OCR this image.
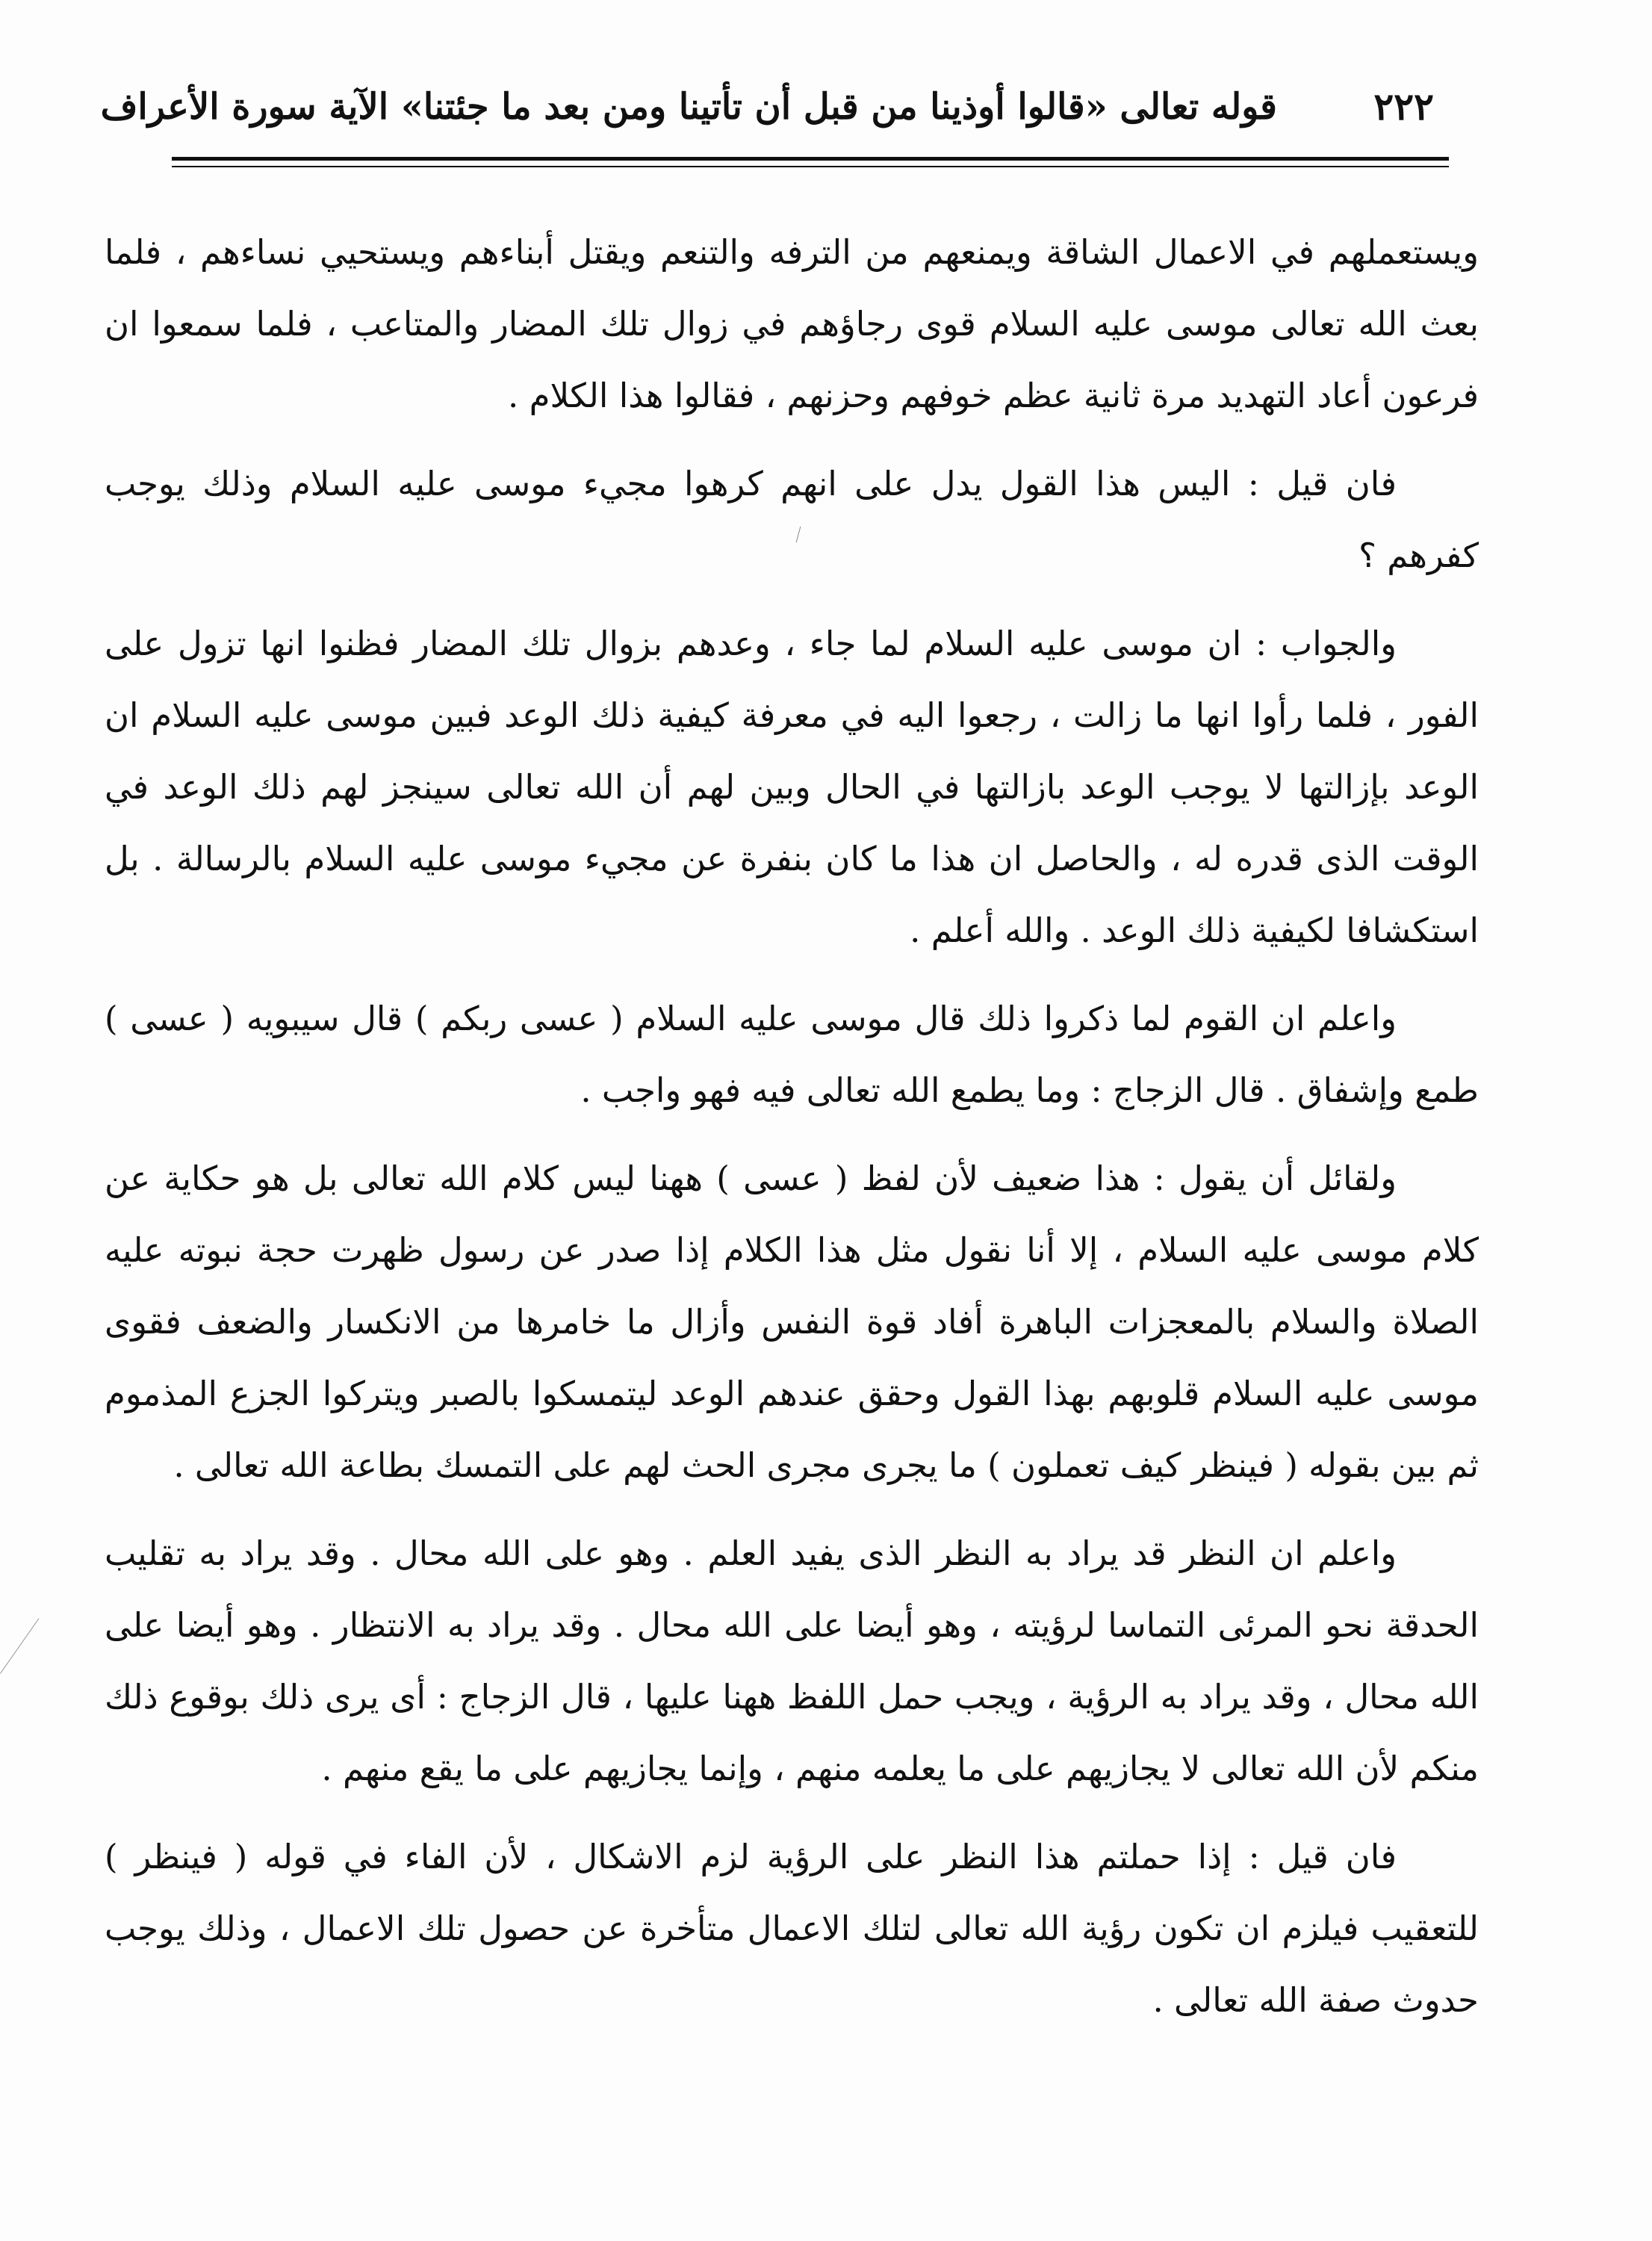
٢٢٢
قوله تعالى «قالوا أوذينا من قبل أن تأتينا ومن بعد ما جئتنا» الآية سورة الأعراف

ويستعملهم في الاعمال الشاقة ويمنعهم من الترفه والتنعم ويقتل أبناءهم ويستحيي نساءهم ، فلما بعث الله تعالى موسى عليه السلام قوى رجاؤهم في زوال تلك المضار والمتاعب ، فلما سمعوا ان فرعون أعاد التهديد مرة ثانية عظم خوفهم وحزنهم ، فقالوا هذا الكلام .

فان قيل : اليس هذا القول يدل على انهم كرهوا مجيء موسى عليه السلام وذلك يوجب كفرهم ؟

والجواب : ان موسى عليه السلام لما جاء ، وعدهم بزوال تلك المضار فظنوا انها تزول على الفور ، فلما رأوا انها ما زالت ، رجعوا اليه في معرفة كيفية ذلك الوعد فبين موسى عليه السلام ان الوعد بإزالتها لا يوجب الوعد بازالتها في الحال وبين لهم أن الله تعالى سينجز لهم ذلك الوعد في الوقت الذى قدره له ، والحاصل ان هذا ما كان بنفرة عن مجيء موسى عليه السلام بالرسالة . بل استكشافا لكيفية ذلك الوعد . والله أعلم .

واعلم ان القوم لما ذكروا ذلك قال موسى عليه السلام ( عسى ربكم ) قال سيبويه ( عسى ) طمع وإشفاق . قال الزجاج : وما يطمع الله تعالى فيه فهو واجب .

ولقائل أن يقول : هذا ضعيف لأن لفظ ( عسى ) ههنا ليس كلام الله تعالى بل هو حكاية عن كلام موسى عليه السلام ، إلا أنا نقول مثل هذا الكلام إذا صدر عن رسول ظهرت حجة نبوته عليه الصلاة والسلام بالمعجزات الباهرة أفاد قوة النفس وأزال ما خامرها من الانكسار والضعف فقوى موسى عليه السلام قلوبهم بهذا القول وحقق عندهم الوعد ليتمسكوا بالصبر ويتركوا الجزع المذموم ثم بين بقوله ( فينظر كيف تعملون ) ما يجرى مجرى الحث لهم على التمسك بطاعة الله تعالى .

واعلم ان النظر قد يراد به النظر الذى يفيد العلم . وهو على الله محال . وقد يراد به تقليب الحدقة نحو المرئى التماسا لرؤيته ، وهو أيضا على الله محال . وقد يراد به الانتظار . وهو أيضا على الله محال ، وقد يراد به الرؤية ، ويجب حمل اللفظ ههنا عليها ، قال الزجاج : أى يرى ذلك بوقوع ذلك منكم لأن الله تعالى لا يجازيهم على ما يعلمه منهم ، وإنما يجازيهم على ما يقع منهم .

فان قيل : إذا حملتم هذا النظر على الرؤية لزم الاشكال ، لأن الفاء في قوله ( فينظر ) للتعقيب فيلزم ان تكون رؤية الله تعالى لتلك الاعمال متأخرة عن حصول تلك الاعمال ، وذلك يوجب حدوث صفة الله تعالى .
